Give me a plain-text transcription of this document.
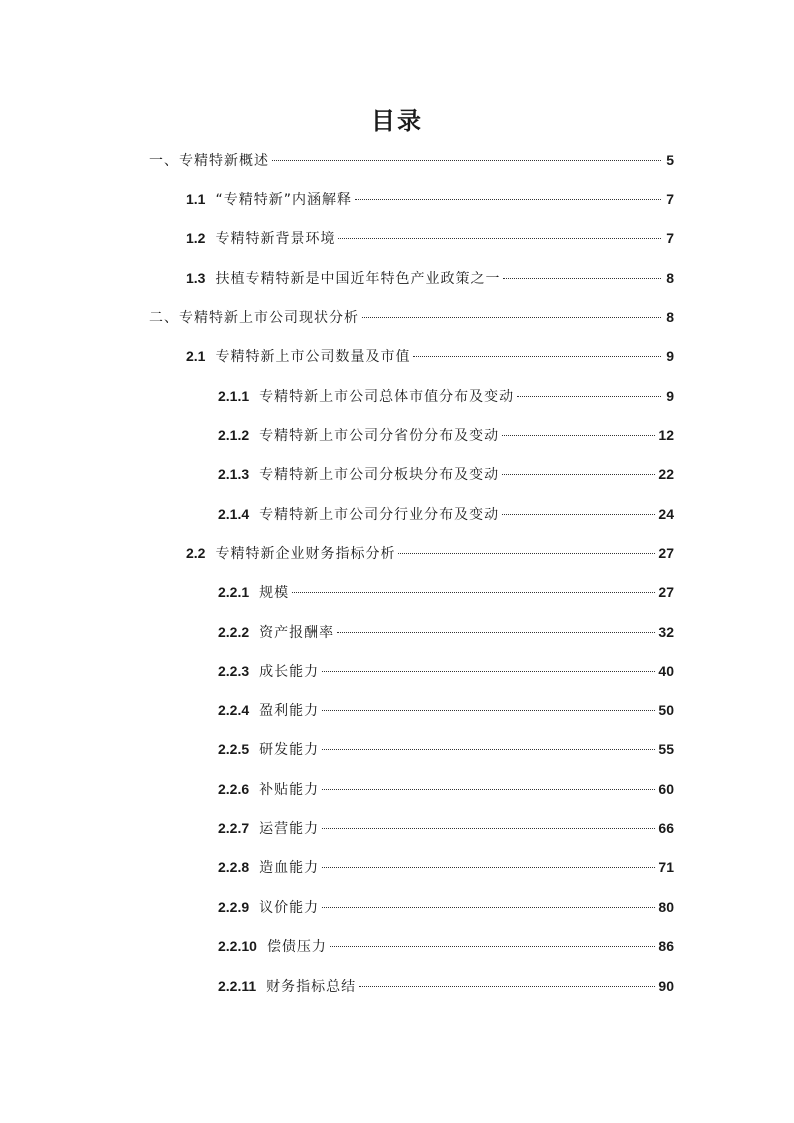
目录
一、专精特新概述	5
1.1 “专精特新”内涵解释	7
1.2 专精特新背景环境	7
1.3 扶植专精特新是中国近年特色产业政策之一	8
二、专精特新上市公司现状分析	8
2.1 专精特新上市公司数量及市值	9
2.1.1 专精特新上市公司总体市值分布及变动	9
2.1.2 专精特新上市公司分省份分布及变动	12
2.1.3 专精特新上市公司分板块分布及变动	22
2.1.4 专精特新上市公司分行业分布及变动	24
2.2 专精特新企业财务指标分析	27
2.2.1 规模	27
2.2.2 资产报酬率	32
2.2.3 成长能力	40
2.2.4 盈利能力	50
2.2.5 研发能力	55
2.2.6 补贴能力	60
2.2.7 运营能力	66
2.2.8 造血能力	71
2.2.9 议价能力	80
2.2.10 偿债压力	86
2.2.11 财务指标总结	90
